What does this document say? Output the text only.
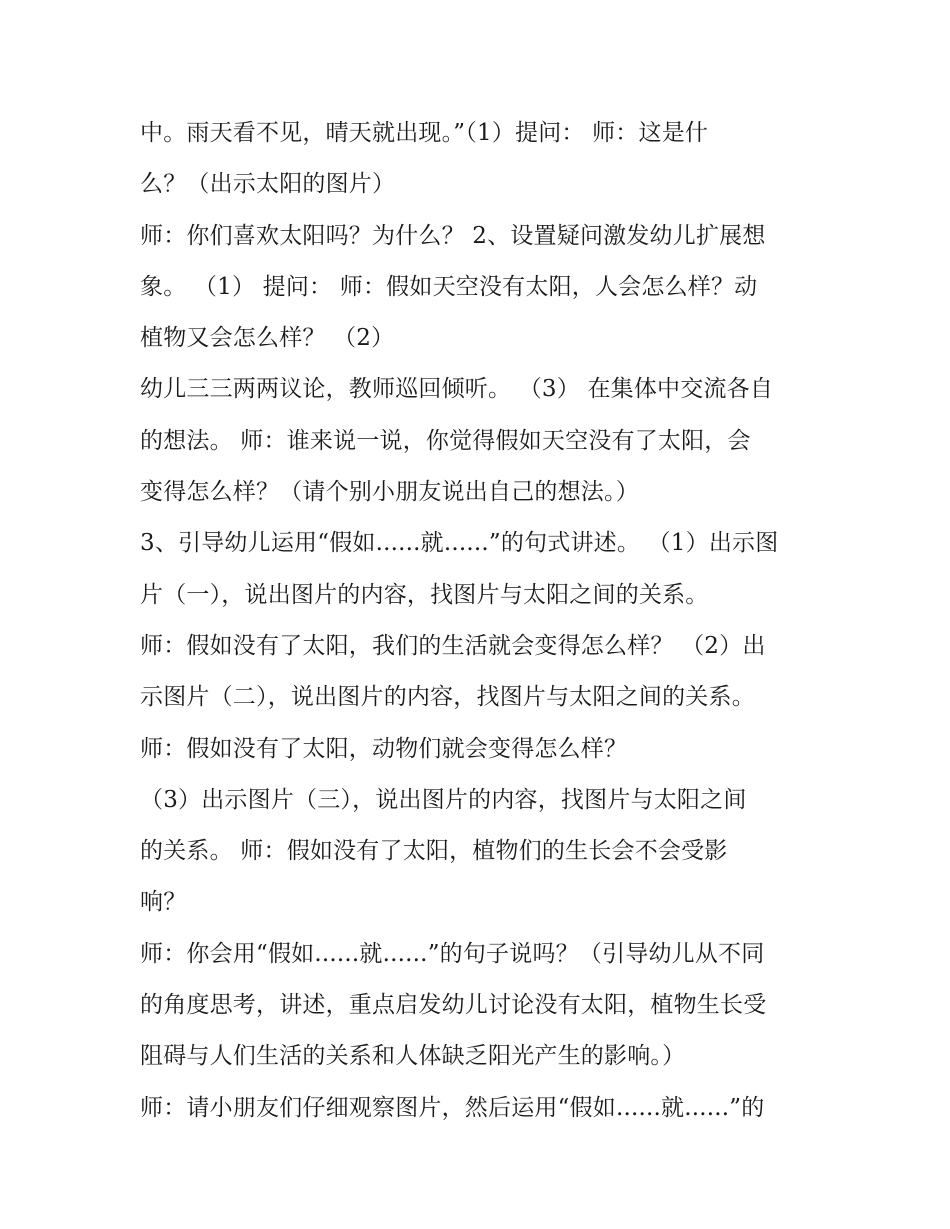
中。雨天看不见，晴天就出现。”（1）提问： 师：这是什
么？（出示太阳的图片）
师：你们喜欢太阳吗？为什么？ 2、设置疑问激发幼儿扩展想
象。 （1） 提问： 师：假如天空没有太阳，人会怎么样？动
植物又会怎么样？ （2）
幼儿三三两两议论，教师巡回倾听。 （3） 在集体中交流各自
的想法。 师：谁来说一说，你觉得假如天空没有了太阳，会
变得怎么样？（请个别小朋友说出自己的想法。）
3、引导幼儿运用“假如......就......”的句式讲述。 （1）出示图
片（一），说出图片的内容，找图片与太阳之间的关系。
师：假如没有了太阳，我们的生活就会变得怎么样？ （2）出
示图片（二），说出图片的内容，找图片与太阳之间的关系。
师：假如没有了太阳，动物们就会变得怎么样？
（3）出示图片（三），说出图片的内容，找图片与太阳之间
的关系。 师：假如没有了太阳，植物们的生长会不会受影
响？
师：你会用“假如......就......”的句子说吗？（引导幼儿从不同
的角度思考，讲述，重点启发幼儿讨论没有太阳，植物生长受
阻碍与人们生活的关系和人体缺乏阳光产生的影响。）
师：请小朋友们仔细观察图片，然后运用“假如......就......”的
